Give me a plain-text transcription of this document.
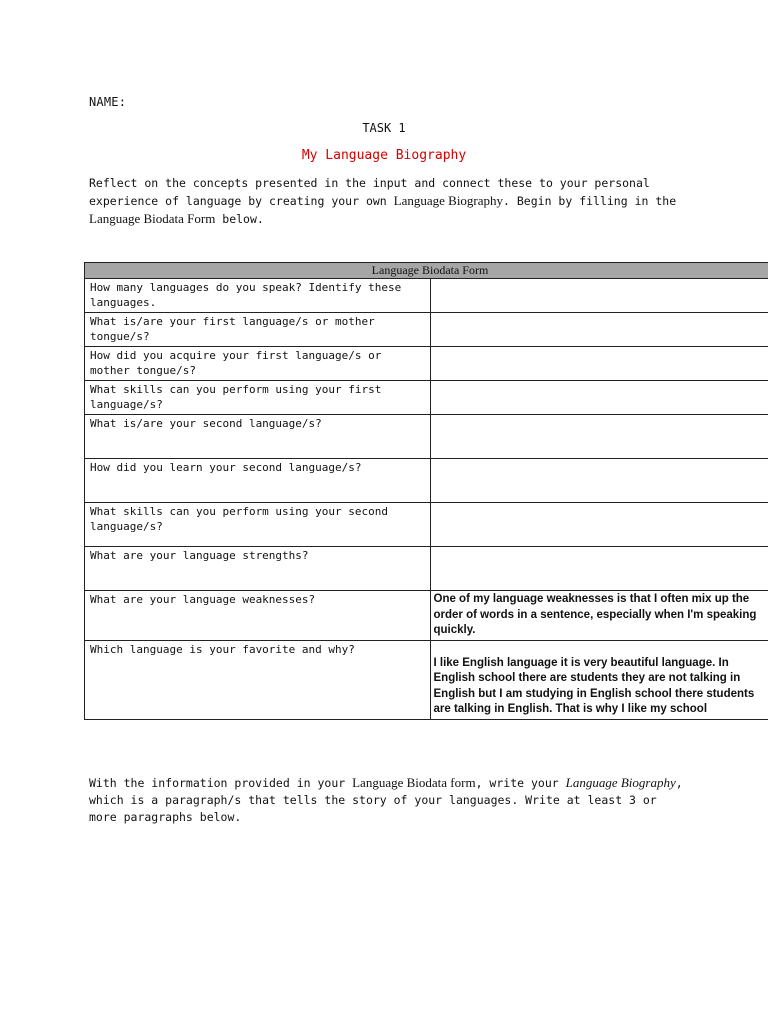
NAME:
TASK 1
My Language Biography
Reflect on the concepts presented in the input and connect these to your personal experience of language by creating your own Language Biography. Begin by filling in the Language Biodata Form below.
Language Biodata Form	
How many languages do you speak? Identify these languages.	
What is/are your first language/s or mother tongue/s?	
How did you acquire your first language/s or mother tongue/s?	
What skills can you perform using your first language/s?	
What is/are your second language/s?	
How did you learn your second language/s?	
What skills can you perform using your second language/s?	
What are your language strengths?	
What are your language weaknesses?	One of my language weaknesses is that I often mix up the order of words in a sentence, especially when I'm speaking quickly.
Which language is your favorite and why?	I like English language it is very beautiful language. In English school there are students they are not talking in English but I am studying in English school there students are talking in English. That is why I like my school
With the information provided in your Language Biodata form, write your Language Biography, which is a paragraph/s that tells the story of your languages. Write at least 3 or more paragraphs below.
